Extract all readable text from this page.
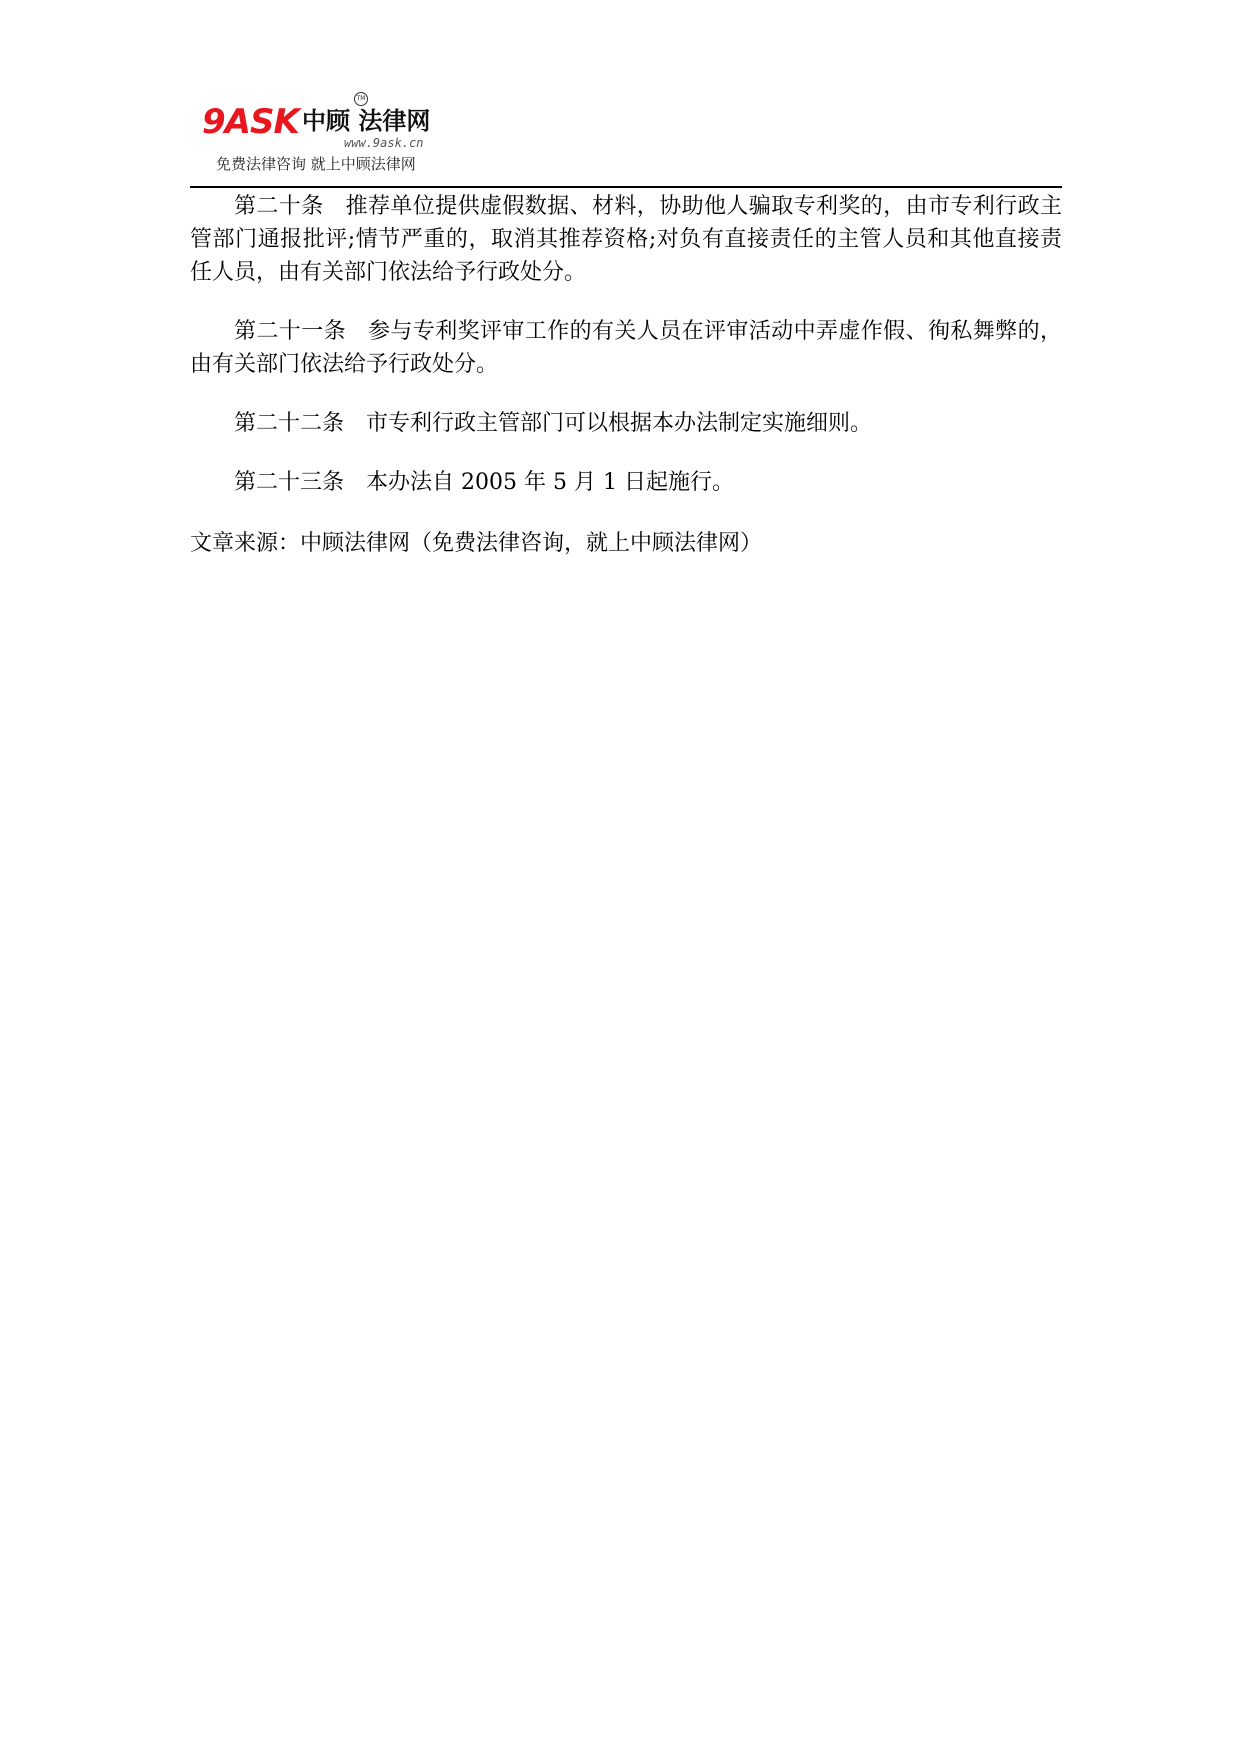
9ASK 中顾 法律网
TM
www.9ask.cn
免费法律咨询 就上中顾法律网

第二十条 推荐单位提供虚假数据、材料，协助他人骗取专利奖的，由市专利行政主管部门通报批评;情节严重的，取消其推荐资格;对负有直接责任的主管人员和其他直接责任人员，由有关部门依法给予行政处分。

第二十一条 参与专利奖评审工作的有关人员在评审活动中弄虚作假、徇私舞弊的，由有关部门依法给予行政处分。

第二十二条 市专利行政主管部门可以根据本办法制定实施细则。

第二十三条 本办法自 2005 年 5 月 1 日起施行。

文章来源：中顾法律网（免费法律咨询，就上中顾法律网）
